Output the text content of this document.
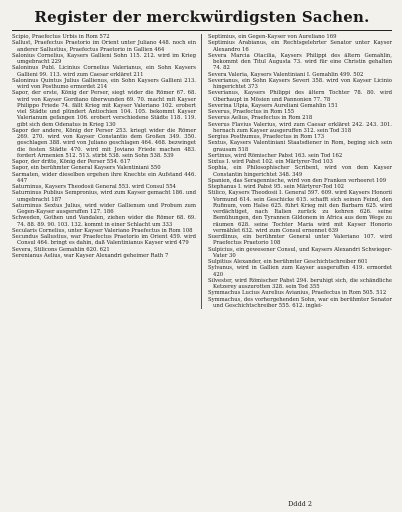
Register der merckwürdigsten Sachen.

Scipio, Praefectus Urbis in Rom 572

Sallust, Praefectus Praetorio im Orient unter Juliano 448. noch ein anderer Sallustius, Praefectus Praetorio in Gallien 464

Salonius Cornelius, Kaysers Gallieni Sohn 115. 212. wird im Krieg umgebracht 229

Saloninus Publ. Licinius Cornelius Valerianus, ein Sohn Kaysers Gallieni 99. 113. wird zum Caesar erkläret 211

Saloninus Quintus Julius Gallienus, ein Sohn Kaysers Gallieni 213. wird von Posthumo ermordet 214

Sapor, der erste, König der Perser, siegt wider die Römer 67. 68. wird von Kayser Gordiano überwunden 69. 70. macht mit Kayser Philippo Friede 74. fällt Krieg mit Kayser Valeriano 102. erobert viel Städte und plündert Antiochien 104. 105. bekommt Kayser Valerianum gefangen 106. erobert verschiedene Städte 118. 119. gibt sich dem Odenatus in Krieg 130

Sapor der andere, König der Perser 253. kriegt wider die Römer 269. 270. wird von Kayser Constantio dem Großen 349. 350. geschlagen 388. wird von Juliano geschlagen 464. 468. bezwinget die festen Städte 470. wird mit Joviano Friede machen 483. fordert Armenien 512. 513. stirbt 538. sein Sohn 538. 539

Sapor, der dritte, König der Perser 554. 617

Sapor, ein berühmter General Kaysers Valentiniani 550

Sarmaten, wider dieselben ergehen ihre Knechte ein Aufstand 446. 447

Saturninus, Kaysers Theodosii General 553. wird Consul 554

Saturninus Publius Sempronius, wird zum Kayser gemacht 186. und umgebracht 187

Saturninus Sextus Julius, wird wider Gallienum und Probum zum Gegen-Kayser ausgeruffen 127. 186

Schweden, Gothen und Vandalen, ziehen wider die Römer 68. 69. 74. 88. 89. 90. 103. 132. kommt in einer Schlacht um 333

Secularis Cornelius, unter Kayser Valeriano Praefectus in Rom 108

Secundus Sallustius, war Praefectus Praetorio im Orient 459. wird Consul 464. bringt es dahin, daß Valentinianus Kayser wird 479

Severa, Stilicons Gemahlin 620. 621

Serenianus Aelius, war Kayser Alexandri geheimer Rath 7

Septimius, ein Gegen-Kayser von Aureliano 169

Septimius Arabianus, ein Rechtsgelehrter Senator unter Kayser Alexandro 16

Severa Marcia Otacilia, Kaysers Philippi des ältern Gemahlin, bekommt den Titul Augusta 73. wird für eine Christin gehalten 74. 82

Severa Valeria, Kaysers Valentiniani I. Gemahlin 499. 502

Severianus, ein Sohn Kaysers Severi 358. wird von Kayser Licinio hingerichtet 373

Severianus, Kaysers Philippi des ältern Tochter 78. 80. wird Oberhaupt in Mösien und Pannonien 77. 78

Severina Ulpia, Kaysers Aureliani Gemahlin 151

Severus, Praefectus in Rom 155

Severus Aelius, Praefectus in Rom 218

Severus Flavius Valerius, wird zum Caesar erkläret 242. 243. 301. hernach zum Kayser ausgeruffen 312. sein Tod 318

Sergius Posthumus, Praefectus in Rom 173

Sextus, Kaysers Valentiniani Staatsdiener in Rom, beging sich sein grausam 518

Sertinus, wird Römischer Pabst 163. sein Tod 162

Sixtus I. wird Pabst 102. ein Märtyrer-Tod 103

Sophia, ein Philosophischer Scribent, wird von dem Kayser Constantin hingerichtet 348. 349

Spanien, das Seragennische, wird von den Franken verheeret 109

Stephanus I. wird Pabst 95. sein Märtyrer-Tod 102

Stilico, Kaysers Theodosii I. General 597. 609. wird Kaysers Honorii Vormund 614. sein Geschicke 615. schafft sich seinen Feind, den Rufinum, vom Halse 625. führt Krieg mit den Barbarn 625. wird verdächtiget, nach Italien zurück zu kehren 626. seine Bemühungen, den Tyrannen Gildonem in Africa aus dem Wege zu räumen 628. seine Tochter Maria wird mit Kayser Honorio vermählet 632. wird zum Consul ernennet 639

Suerdlinus, ein berühmter General unter Valeriano 107. wird Praefectus Praetorio 108

Sulpicius, ein gewesener Consul, und Kaysers Alexandri Schwieger-Vater 30

Sulpitius Alexander, ein berühmter Geschichtschreiber 601

Sylvanus, wird in Gallien zum Kayser ausgeruffen 419. ermordet 420

Silvester, wird Römischer Pabst 294. beruhigt sich, die schändliche Ketzerey auszurotten 328. sein Tod 355

Symmachus Lucius Aurelius Avianius, Praefectus in Rom 505. 512

Symmachus, des vorhergehenden Sohn, war ein berühmter Senator und Geschichtschreiber 555. 612. inglei-

Dddd 2
